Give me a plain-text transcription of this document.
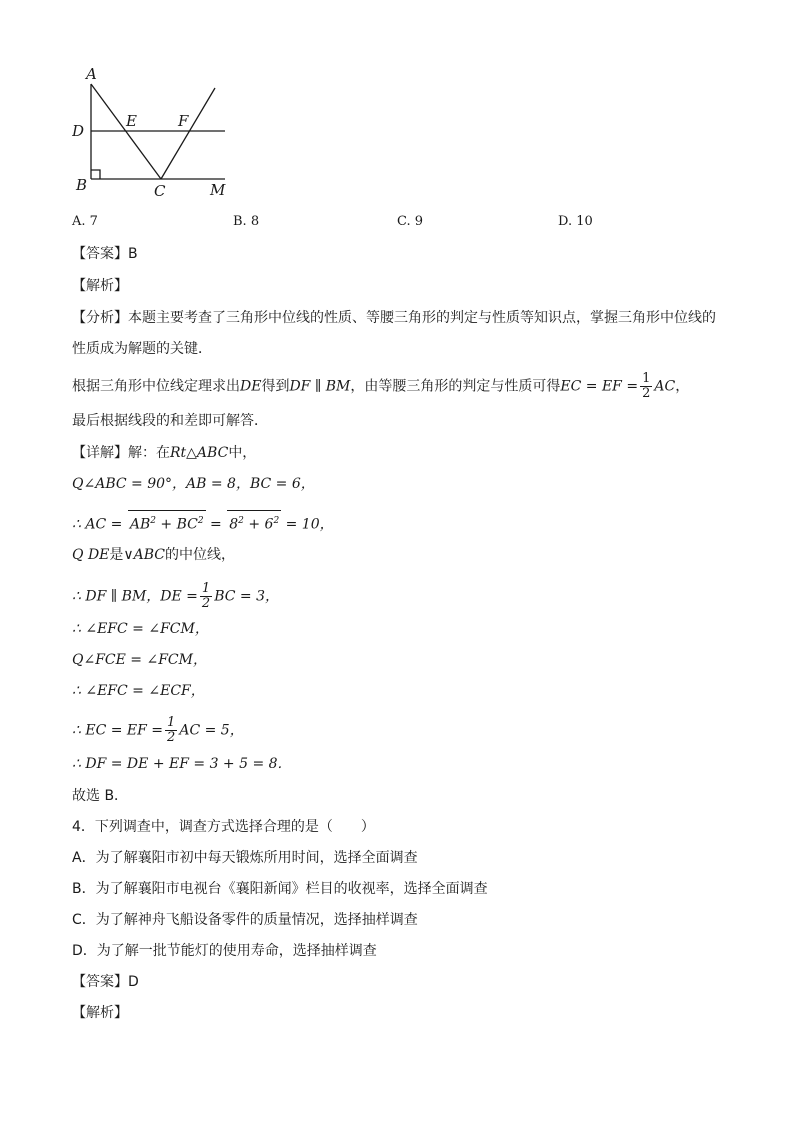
A
D
E	F
B	C	M
A. 7	B. 8	C. 9	D. 10
【答案】B
【解析】
【分析】本题主要考查了三角形中位线的性质、等腰三角形的判定与性质等知识点，掌握三角形中位线的
性质成为解题的关键．
根据三角形中位线定理求出DE得到DF ∥ BM，由等腰三角形的判定与性质可得EC = EF = $\frac{1}{2}$ AC，
最后根据线段的和差即可解答．
【详解】解：在Rt△ABC中，
Q∠ABC = 90°，AB = 8，BC = 6，
∴ AC = $AB^2 + BC^2 = 8^2 + 6^2 = 10$，
Q DE是∨ABC的中位线，
∴ DF ∥ BM，DE = $\frac{1}{2}$ BC = 3，
∴ ∠EFC = ∠FCM，
Q∠FCE = ∠FCM，
∴ ∠EFC = ∠ECF，
∴ EC = EF = $\frac{1}{2}$ AC = 5，
∴ DF = DE + EF = 3 + 5 = 8．
故选 B．
4．下列调查中，调查方式选择合理的是（　　）
A．为了解襄阳市初中每天锻炼所用时间，选择全面调查
B．为了解襄阳市电视台《襄阳新闻》栏目的收视率，选择全面调查
C．为了解神舟飞船设备零件的质量情况，选择抽样调查
D．为了解一批节能灯的使用寿命，选择抽样调查
【答案】D
【解析】
